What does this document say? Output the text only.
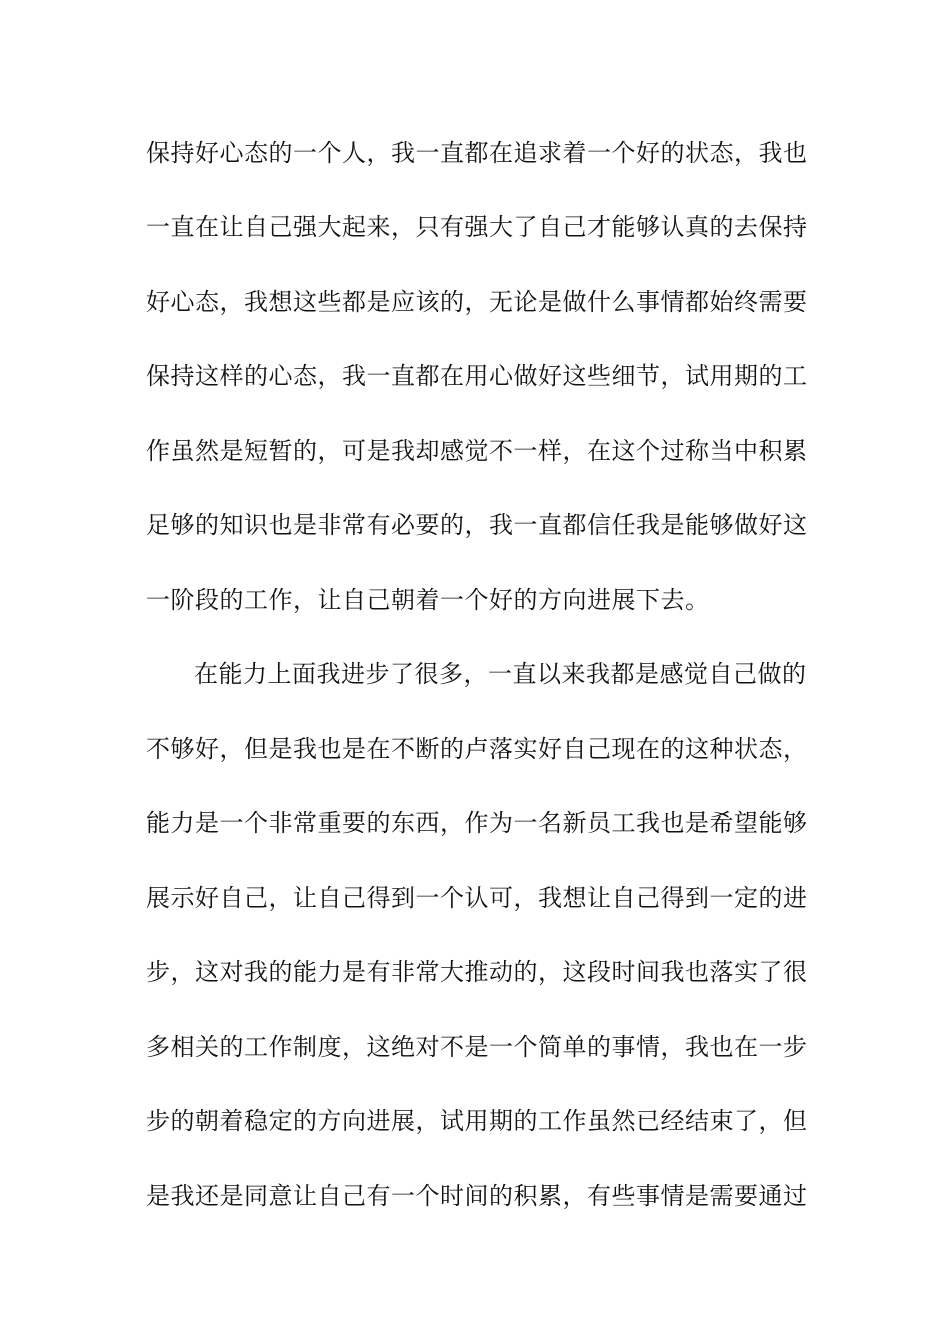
保持好心态的一个人，我一直都在追求着一个好的状态，我也
一直在让自己强大起来，只有强大了自己才能够认真的去保持
好心态，我想这些都是应该的，无论是做什么事情都始终需要
保持这样的心态，我一直都在用心做好这些细节，试用期的工
作虽然是短暂的，可是我却感觉不一样，在这个过称当中积累
足够的知识也是非常有必要的，我一直都信任我是能够做好这
一阶段的工作，让自己朝着一个好的方向进展下去。
在能力上面我进步了很多，一直以来我都是感觉自己做的
不够好，但是我也是在不断的卢落实好自己现在的这种状态，
能力是一个非常重要的东西，作为一名新员工我也是希望能够
展示好自己，让自己得到一个认可，我想让自己得到一定的进
步，这对我的能力是有非常大推动的，这段时间我也落实了很
多相关的工作制度，这绝对不是一个简单的事情，我也在一步
步的朝着稳定的方向进展，试用期的工作虽然已经结束了，但
是我还是同意让自己有一个时间的积累，有些事情是需要通过
